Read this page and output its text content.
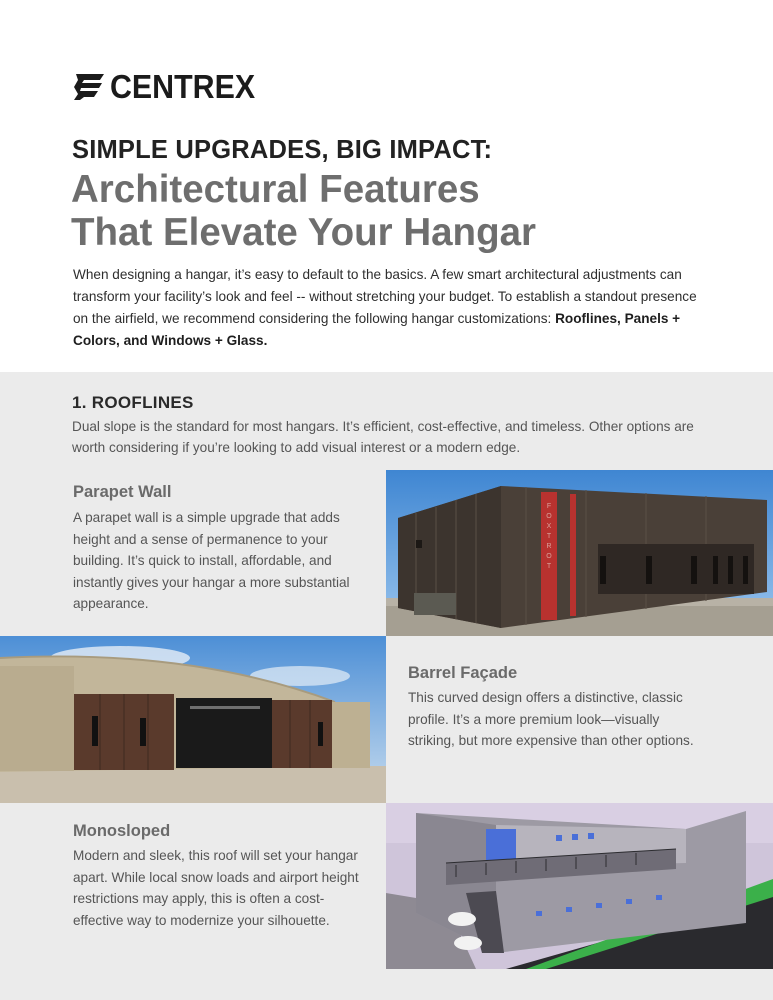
CENTREX
SIMPLE UPGRADES, BIG IMPACT:
Architectural Features
That Elevate Your Hangar

When designing a hangar, it’s easy to default to the basics. A few smart architectural adjustments can transform your facility’s look and feel -- without stretching your budget. To establish a standout presence on the airfield, we recommend considering the following hangar customizations: Rooflines, Panels + Colors, and Windows + Glass.

1. ROOFLINES

Dual slope is the standard for most hangars. It’s efficient, cost-effective, and timeless. Other options are worth considering if you’re looking to add visual interest or a modern edge.

Parapet Wall

A parapet wall is a simple upgrade that adds height and a sense of permanence to your building. It’s quick to install, affordable, and instantly gives your hangar a more substantial appearance.

F
O
X
T
R
O
T
Barrel Façade

This curved design offers a distinctive, classic profile. It’s a more premium look—visually striking, but more expensive than other options.

Monosloped

Modern and sleek, this roof will set your hangar apart. While local snow loads and airport height restrictions may apply, this is often a cost-effective way to modernize your silhouette.
